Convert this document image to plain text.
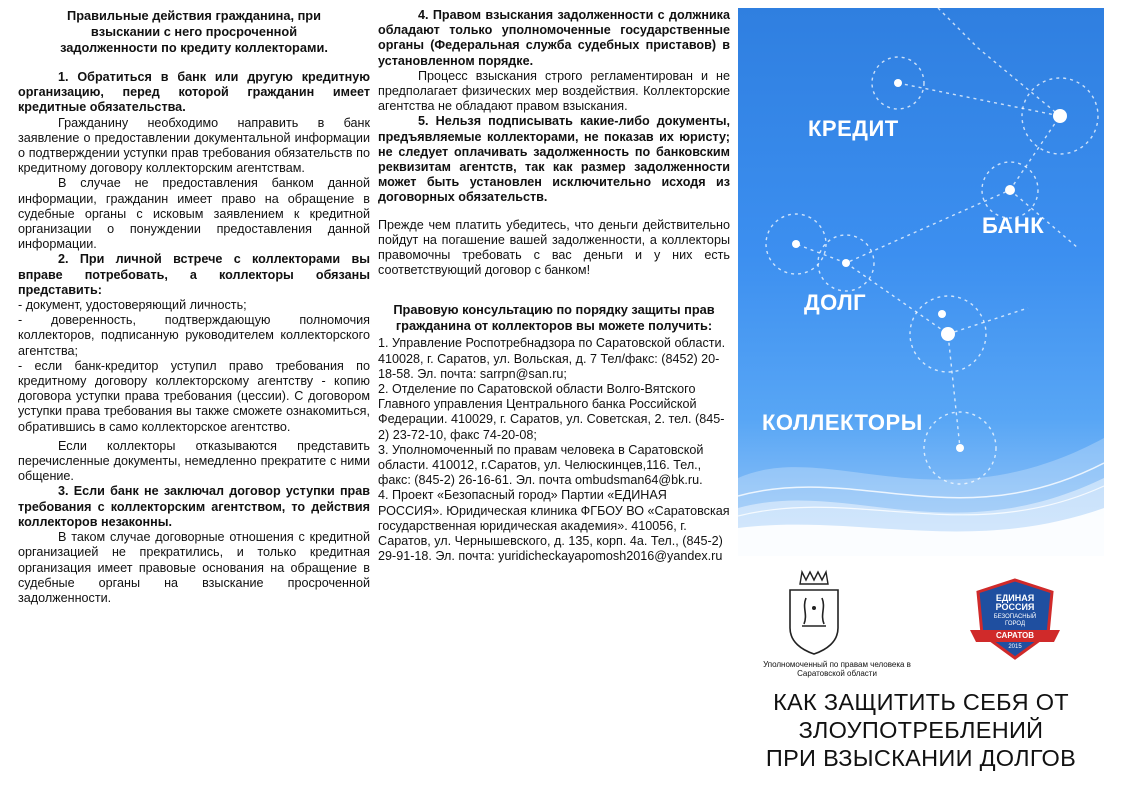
Правильные действия гражданина, при взыскании с него просроченной задолженности по кредиту коллекторами.

1. Обратиться в банк или другую кредитную организацию, перед которой гражданин имеет кредитные обязательства.

Гражданину необходимо направить в банк заявление о предоставлении документальной информации о подтверждении уступки прав требования обязательств по кредитному договору коллекторским агентствам.

В случае не предоставления банком данной информации, гражданин имеет право на обращение в судебные органы с исковым заявлением к кредитной организации о понуждении предоставления данной информации.

2. При личной встрече с коллекторами вы вправе потребовать, а коллекторы обязаны представить:

- документ, удостоверяющий личность;
- доверенность, подтверждающую полномочия коллекторов, подписанную руководителем коллекторского агентства;
- если банк-кредитор уступил право требования по кредитному договору коллекторскому агентству - копию договора уступки права требования (цессии). С договором уступки права требования вы также сможете ознакомиться, обратившись в само коллекторское агентство.

Если коллекторы отказываются представить перечисленные документы, немедленно прекратите с ними общение.

3. Если банк не заключал договор уступки прав требования с коллекторским агентством, то действия коллекторов незаконны.

В таком случае договорные отношения с кредитной организацией не прекратились, и только кредитная организация имеет правовые основания на обращение в судебные органы на взыскание просроченной задолженности.

4. Правом взыскания задолженности с должника обладают только уполномоченные государственные органы (Федеральная служба судебных приставов) в установленном порядке.

Процесс взыскания строго регламентирован и не предполагает физических мер воздействия. Коллекторские агентства не обладают правом взыскания.

5. Нельзя подписывать какие-либо документы, предъявляемые коллекторами, не показав их юристу; не следует оплачивать задолженность по банковским реквизитам агентств, так как размер задолженности может быть установлен исключительно исходя из договорных обязательств.

Прежде чем платить убедитесь, что деньги действительно пойдут на погашение вашей задолженности, а коллекторы правомочны требовать с вас деньги и у них есть соответствующий договор с банком!

Правовую консультацию по порядку защиты прав гражданина от коллекторов вы можете получить:

1. Управление Роспотребнадзора по Саратовской области. 410028, г. Саратов, ул. Вольская, д. 7 Тел/факс: (8452) 20-18-58. Эл. почта: sarrpn@san.ru;
2. Отделение по Саратовской области Волго-Вятского Главного управления Центрального банка Российской Федерации. 410029, г. Саратов, ул. Советская, 2. тел. (845-2) 23-72-10, факс 74-20-08;
3. Уполномоченный по правам человека в Саратовской области. 410012, г.Саратов, ул. Челюскинцев,116. Тел., факс: (845-2) 26-16-61. Эл. почта ombudsman64@bk.ru.
4. Проект «Безопасный город» Партии «ЕДИНАЯ РОССИЯ». Юридическая клиника ФГБОУ ВО «Саратовская государственная юридическая академия». 410056, г. Саратов, ул. Чернышевского, д. 135, корп. 4а. Тел., (845-2) 29-91-18. Эл. почта: yuridicheckayapomosh2016@yandex.ru
КРЕДИТ
БАНК
ДОЛГ
КОЛЛЕКТОРЫ
Уполномоченный по правам человека в Саратовской области
ЕДИНАЯ
РОССИЯ
БЕЗОПАСНЫЙ
ГОРОД
САРАТОВ
2015
КАК ЗАЩИТИТЬ СЕБЯ ОТ
ЗЛОУПОТРЕБЛЕНИЙ
ПРИ ВЗЫСКАНИИ ДОЛГОВ
